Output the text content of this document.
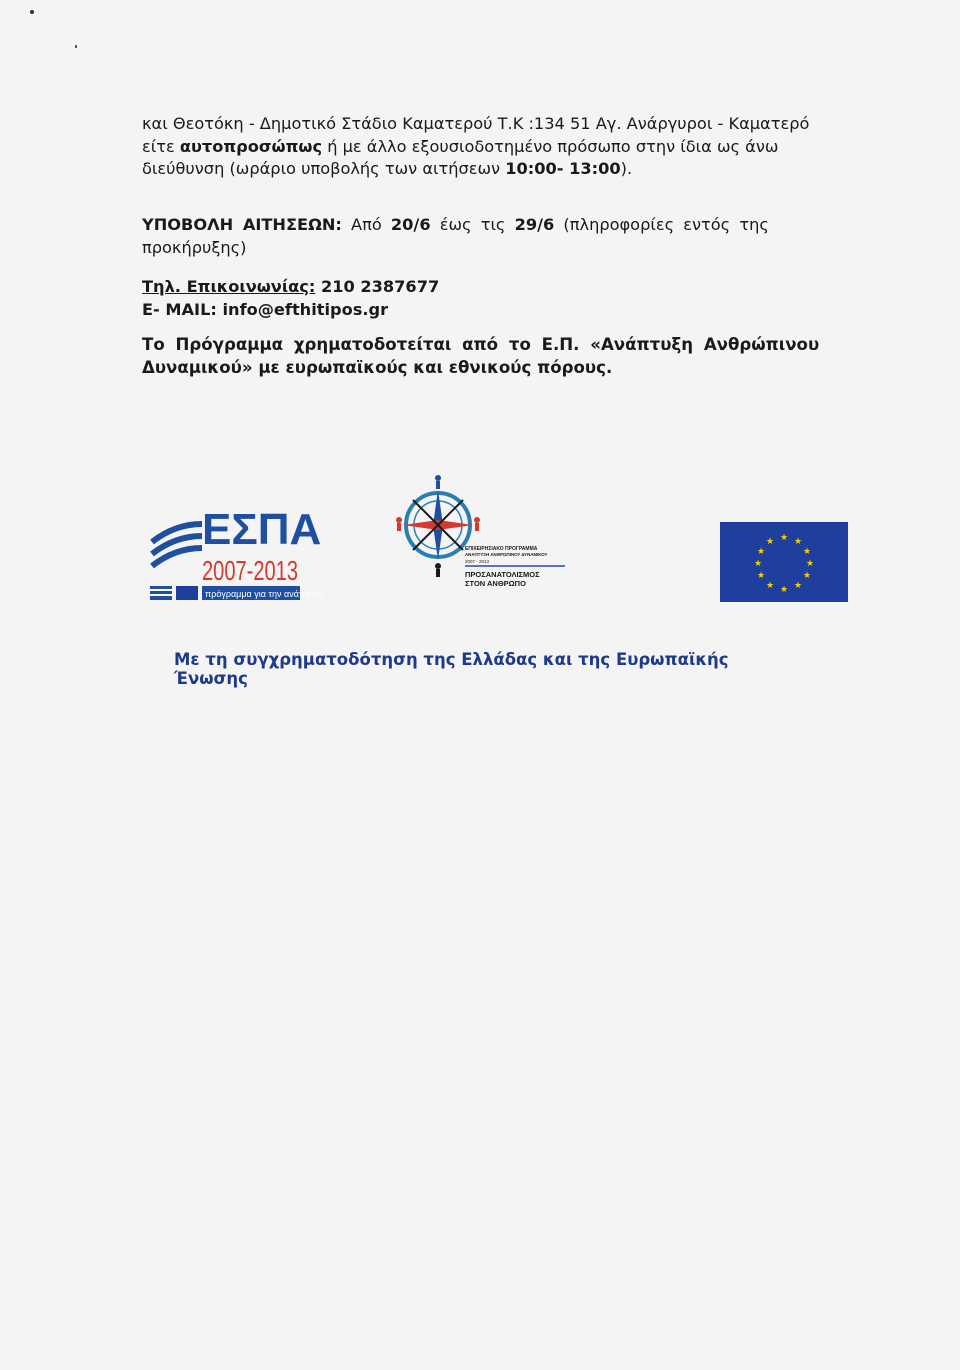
και Θεοτόκη - Δημοτικό Στάδιο Καματερού Τ.Κ :134 51 Αγ. Ανάργυροι - Καματερό
είτε αυτοπροσώπως ή με άλλο εξουσιοδοτημένο πρόσωπο στην ίδια ως άνω
διεύθυνση (ωράριο υποβολής των αιτήσεων 10:00- 13:00).
ΥΠΟΒΟΛΗ ΑΙΤΗΣΕΩΝ: Από 20/6 έως τις 29/6 (πληροφορίες εντός της
προκήρυξης)
Τηλ. Επικοινωνίας: 210 2387677
E- MAIL: info@efthitipos.gr
Το Πρόγραμμα χρηματοδοτείται από το Ε.Π. «Ανάπτυξη Ανθρώπινου
Δυναμικού» με ευρωπαϊκούς και εθνικούς πόρους.
ΕΣΠΑ
2007-2013
πρόγραμμα για την ανάπτυξη
ΕΠΙΧΕΙΡΗΣΙΑΚΟ ΠΡΟΓΡΑΜΜΑ
ΑΝΑΠΤΥΞΗ ΑΝΘΡΩΠΙΝΟΥ ΔΥΝΑΜΙΚΟΥ
2007 - 2013
ΠΡΟΣΑΝΑΤΟΛΙΣΜΟΣ
ΣΤΟΝ ΑΝΘΡΩΠΟ
★ ★
★
★
★
★
★
★
★
★
★
★
Με τη συγχρηματοδότηση της Ελλάδας και της Ευρωπαϊκής Ένωσης
